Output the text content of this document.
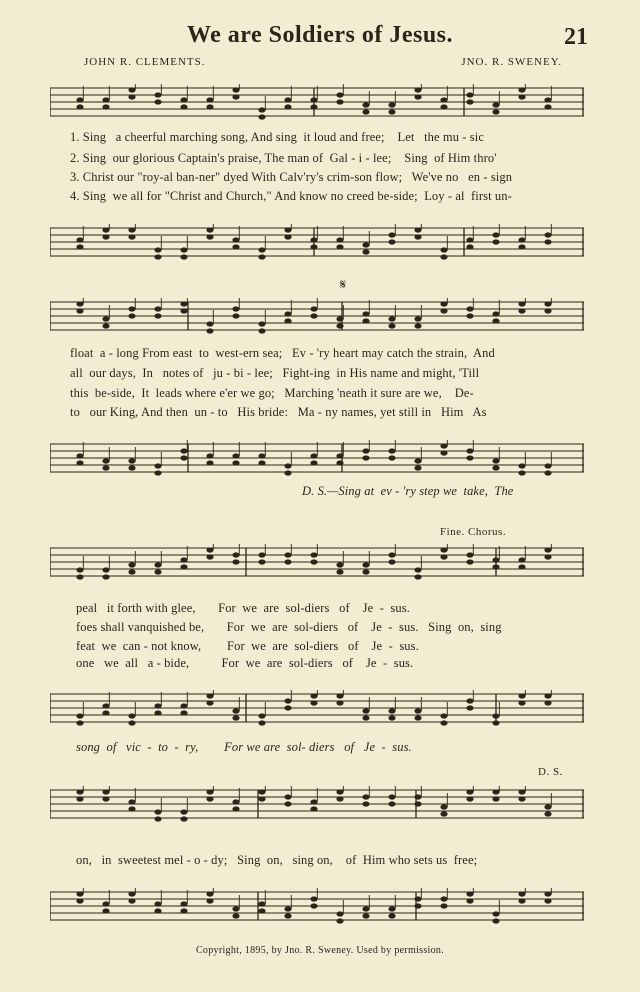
We are Soldiers of Jesus.	21
JOHN R. CLEMENTS.	JNO. R. SWENEY.
1. Sing   a cheerful marching song, And sing  it loud and free;    Let   the mu - sic
2. Sing  our glorious Captain's praise, The man of  Gal - i - lee;    Sing  of Him thro'
3. Christ our "roy-al ban-ner" dyed With Calv'ry's crim-son flow;   We've no   en - sign
4. Sing  we all for "Christ and Church," And know no creed be-side;  Loy - al  first un-
𝄋
float  a - long From east  to  west-ern sea;   Ev - 'ry heart may catch the strain,  And
all  our days,  In   notes of   ju - bi - lee;   Fight-ing  in His name and might, 'Till
this  be-side,  It  leads where e'er we go;   Marching 'neath it sure are we,    De-
to   our King, And then  un - to   His bride:   Ma - ny names, yet still in   Him   As
D. S.—Sing at  ev - 'ry step we  take,  The
Fine. Chorus.
peal   it forth with glee,       For  we  are  sol-diers   of    Je  -  sus.
foes shall vanquished be,       For  we  are  sol-diers   of    Je  -  sus.   Sing  on,  sing
feat  we  can - not know,        For  we  are  sol-diers   of    Je  -  sus.
one   we  all   a - bide,          For  we  are  sol-diers   of    Je  -  sus.
song  of   vic  -  to  -  ry,        For we are  sol- diers   of   Je  -  sus.
D. S.
on,   in  sweetest mel - o - dy;   Sing  on,   sing on,    of  Him who sets us  free;
Copyright, 1895, by Jno. R. Sweney. Used by permission.
